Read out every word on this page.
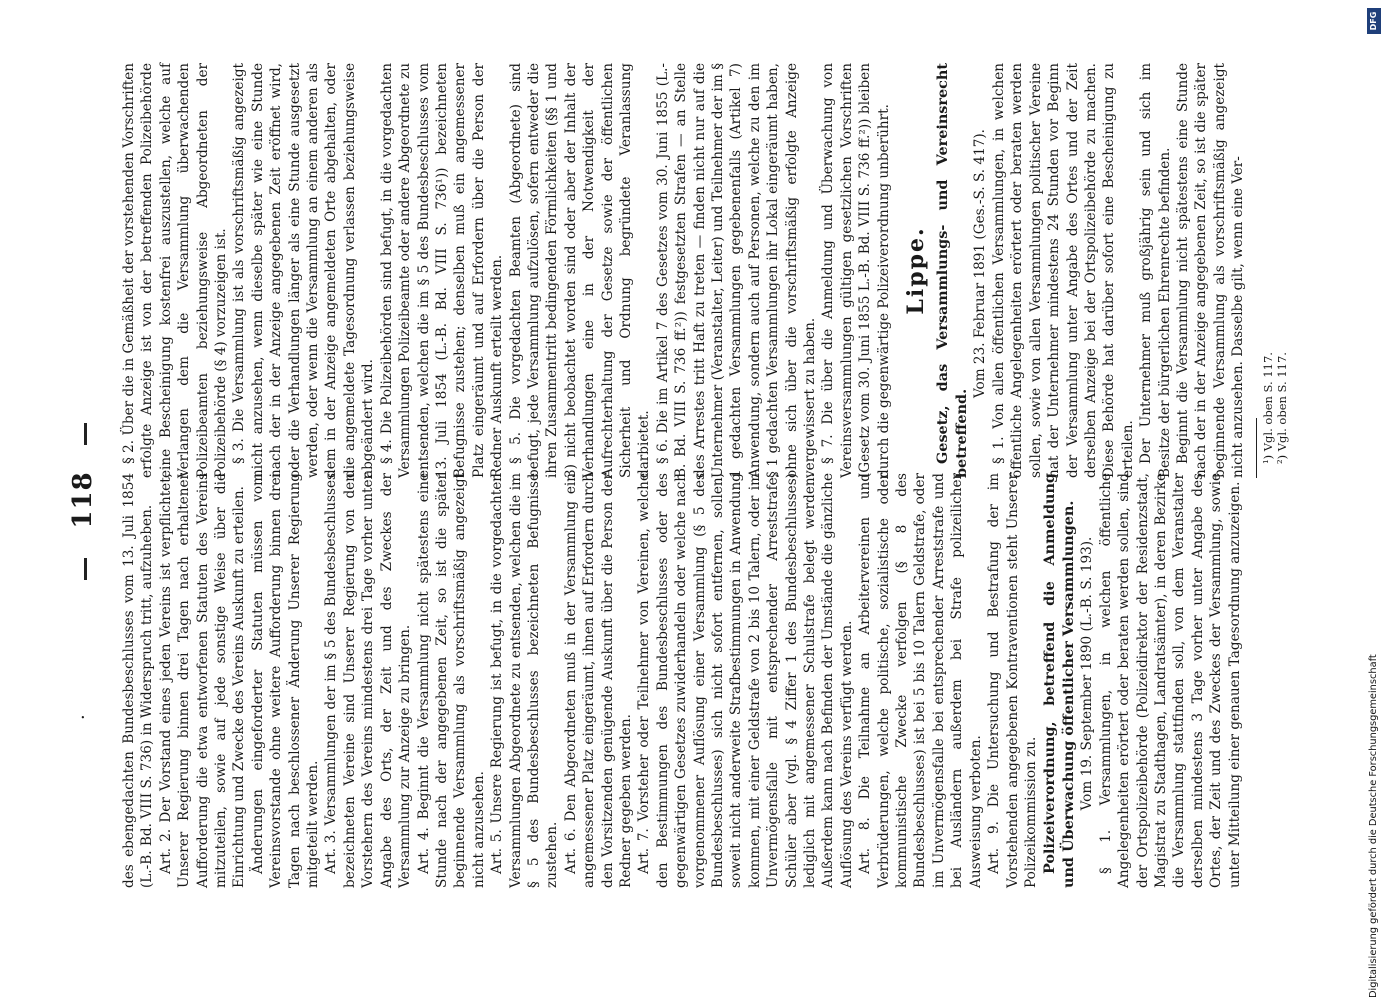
·
118 des ebengedachten Bundesbeschlusses vom 13. Juli 1854 (L.-B. Bd. VIII S. 736) in Widerspruch tritt, aufzuheben. Art. 2. Der Vorstand eines jeden Vereins ist verpflichtet, Unserer Regierung binnen drei Tagen nach erhaltener Aufforderung die etwa entworfenen Statuten des Vereins mitzuteilen, sowie auf jede sonstige Weise über die Einrichtung und Zwecke des Vereins Auskunft zu erteilen. Änderungen eingeforderter Statuten müssen vom Vereinsvorstande ohne weitere Aufforderung binnen drei Tagen nach beschlossener Änderung Unserer Regierung mitgeteilt werden. Art. 3. Versammlungen der im § 5 des Bundesbeschlusses bezeichneten Vereine sind Unserer Regierung von den Vorstehern des Vereins mindestens drei Tage vorher unter Angabe des Orts, der Zeit und des Zweckes der Versammlung zur Anzeige zu bringen. Art. 4. Beginnt die Versammlung nicht spätestens eine Stunde nach der angegebenen Zeit, so ist die später beginnende Versammlung als vorschriftsmäßig angezeigt nicht anzusehen. Art. 5. Unsere Regierung ist befugt, in die vorgedachten Versammlungen Abgeordnete zu entsenden, welchen die im § 5 des Bundesbeschlusses bezeichneten Befugnisse zustehen. Art. 6. Den Abgeordneten muß in der Versammlung ein angemessener Platz eingeräumt, ihnen auf Erfordern durch den Vorsitzenden genügende Auskunft über die Person der Redner gegeben werden. Art. 7. Vorsteher oder Teilnehmer von Vereinen, welche den Bestimmungen des Bundesbeschlusses oder des gegenwärtigen Gesetzes zuwiderhandeln oder welche nach vorgenommener Auflösung einer Versammlung (§ 5 des Bundesbeschlusses) sich nicht sofort entfernen, sollen, soweit nicht anderweite Strafbestimmungen in Anwendung kommen, mit einer Geldstrafe von 2 bis 10 Talern, oder im Unvermögensfalle mit entsprechender Arreststrafe, Schüler aber (vgl. § 4 Ziffer 1 des Bundesbeschlusses) lediglich mit angemessener Schulstrafe belegt werden. Außerdem kann nach Befinden der Umstände die gänzliche Auflösung des Vereins verfügt werden. Art. 8. Die Teilnahme an Arbeitervereinen und Verbrüderungen, welche politische, sozialistische oder kommunistische Zwecke verfolgen (§ 8 des Bundesbeschlusses) ist bei 5 bis 10 Talern Geldstrafe, oder im Unvermögensfalle bei entsprechender Arreststrafe und bei Ausländern außerdem bei Strafe polizeilicher Ausweisung verboten. Art. 9. Die Untersuchung und Bestrafung der im Vorstehenden angegebenen Kontraventionen steht Unserer Polizeikommission zu. Polizeiverordnung, betreffend die Anmeldung und Überwachung öffentlicher Versammlungen. Vom 19. September 1890 (L.-B. S. 193). § 1. Versammlungen, in welchen öffentliche Angelegenheiten erörtert oder beraten werden sollen, sind der Ortspolizeibehörde (Polizeidirektor der Residenzstadt, Magistrat zu Stadthagen, Landratsämter), in deren Bezirke die Versammlung stattfinden soll, von dem Veranstalter derselben mindestens 3 Tage vorher unter Angabe des Ortes, der Zeit und des Zweckes der Versammlung, sowie unter Mitteilung einer genauen Tagesordnung anzuzeigen.

§ 2. Über die in Gemäßheit der vorstehenden Vorschriften erfolgte Anzeige ist von der betreffenden Polizeibehörde eine Bescheinigung kostenfrei auszustellen, welche auf Verlangen dem die Versammlung überwachenden Polizeibeamten beziehungsweise Abgeordneten der Polizeibehörde (§ 4) vorzuzeigen ist. § 3. Die Versammlung ist als vorschriftsmäßig angezeigt nicht anzusehen, wenn dieselbe später wie eine Stunde nach der in der Anzeige angegebenen Zeit eröffnet wird, oder die Verhandlungen länger als eine Stunde ausgesetzt werden, oder wenn die Versammlung an einem anderen als dem in der Anzeige angemeldeten Orte abgehalten, oder die angemeldete Tagesordnung verlassen beziehungsweise abgeändert wird. § 4. Die Polizeibehörden sind befugt, in die vorgedachten Versammlungen Polizeibeamte oder andere Abgeordnete zu entsenden, welchen die im § 5 des Bundesbeschlusses vom 13. Juli 1854 (L.-B. Bd. VIII S. 736¹)) bezeichneten Befugnisse zustehen; denselben muß ein angemessener Platz eingeräumt und auf Erfordern über die Person der Redner Auskunft erteilt werden. § 5. Die vorgedachten Beamten (Abgeordnete) sind befugt, jede Versammlung aufzulösen, sofern entweder die ihren Zusammentritt bedingenden Förmlichkeiten (§§ 1 und 3) nicht beobachtet worden sind oder aber der Inhalt der Verhandlungen eine in der Notwendigkeit der Aufrechterhaltung der Gesetze sowie der öffentlichen Sicherheit und Ordnung begründete Veranlassung darbietet. § 6. Die im Artikel 7 des Gesetzes vom 30. Juni 1855 (L.-B. Bd. VIII S. 736 ff.²)) festgesetzten Strafen — an Stelle des Arrestes tritt Haft zu treten — finden nicht nur auf die Unternehmer (Veranstalter, Leiter) und Teilnehmer der im § 1 gedachten Versammlungen gegebenenfalls (Artikel 7) Anwendung, sondern auch auf Personen, welche zu den im § 1 gedachten Versammlungen ihr Lokal eingeräumt haben, ohne sich über die vorschriftsmäßig erfolgte Anzeige vergewissert zu haben. § 7. Die über die Anmeldung und Überwachung von Vereinsversammlungen gültigen gesetzlichen Vorschriften (Gesetz vom 30. Juni 1855 L.-B. Bd. VIII S. 736 ff.²)) bleiben durch die gegenwärtige Polizeiverordnung unberührt. Lippe. Gesetz, das Versammlungs- und Vereinsrecht betreffend.

Vom 23. Februar 1891 (Ges.-S. S. 417). § 1. Von allen öffentlichen Versammlungen, in welchen öffentliche Angelegenheiten erörtert oder beraten werden sollen, sowie von allen Versammlungen politischer Vereine hat der Unternehmer mindestens 24 Stunden vor Beginn der Versammlung unter Angabe des Ortes und der Zeit derselben Anzeige bei der Ortspolizeibehörde zu machen. Diese Behörde hat darüber sofort eine Bescheinigung zu erteilen. Der Unternehmer muß großjährig sein und sich im Besitze der bürgerlichen Ehrenrechte befinden. Beginnt die Versammlung nicht spätestens eine Stunde nach der in der Anzeige angegebenen Zeit, so ist die später beginnende Versammlung als vorschriftsmäßig angezeigt nicht anzusehen. Dasselbe gilt, wenn eine Ver- ¹) Vgl. oben S. 117. ²) Vgl. oben S. 117.

Digitalisierung gefördert durch die Deutsche Forschungsgemeinschaft
DFG
